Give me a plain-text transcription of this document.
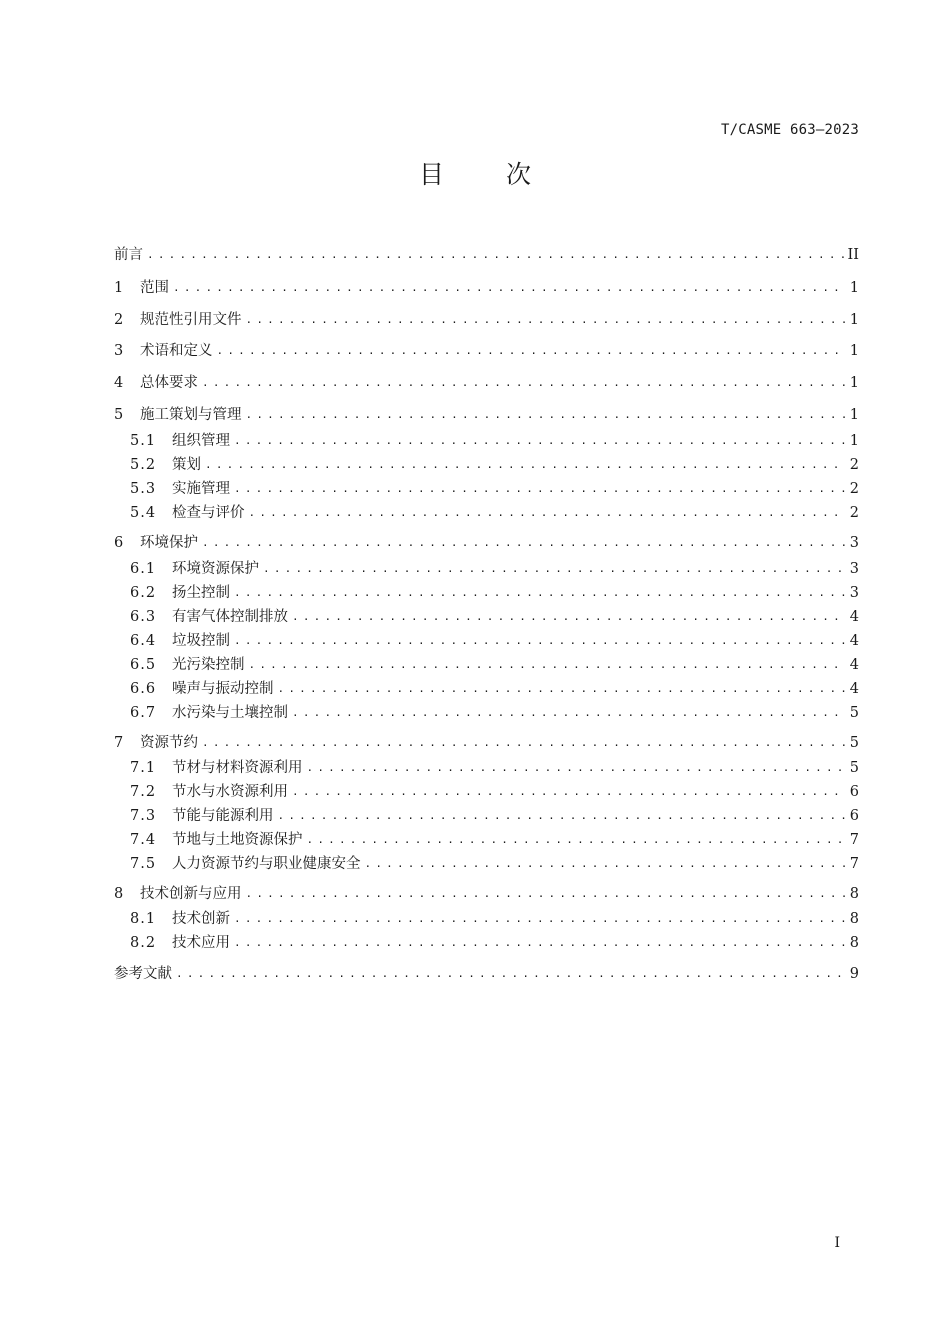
T/CASME 663—2023
目次
前言 .....	II
1	范围 .....	1
2	规范性引用文件 .....	1
3	术语和定义 .....	1
4	总体要求 .....	1
5	施工策划与管理 .....	1
5.1	组织管理 .....	1
5.2	策划 .....	2
5.3	实施管理 .....	2
5.4	检查与评价 .....	2
6	环境保护 .....	3
6.1	环境资源保护 .....	3
6.2	扬尘控制 .....	3
6.3	有害气体控制排放 .....	4
6.4	垃圾控制 .....	4
6.5	光污染控制 .....	4
6.6	噪声与振动控制 .....	4
6.7	水污染与土壤控制 .....	5
7	资源节约 .....	5
7.1	节材与材料资源利用 .....	5
7.2	节水与水资源利用 .....	6
7.3	节能与能源利用 .....	6
7.4	节地与土地资源保护 .....	7
7.5	人力资源节约与职业健康安全 .....	7
8	技术创新与应用 .....	8
8.1	技术创新 .....	8
8.2	技术应用 .....	8
参考文献 .....	9
I
